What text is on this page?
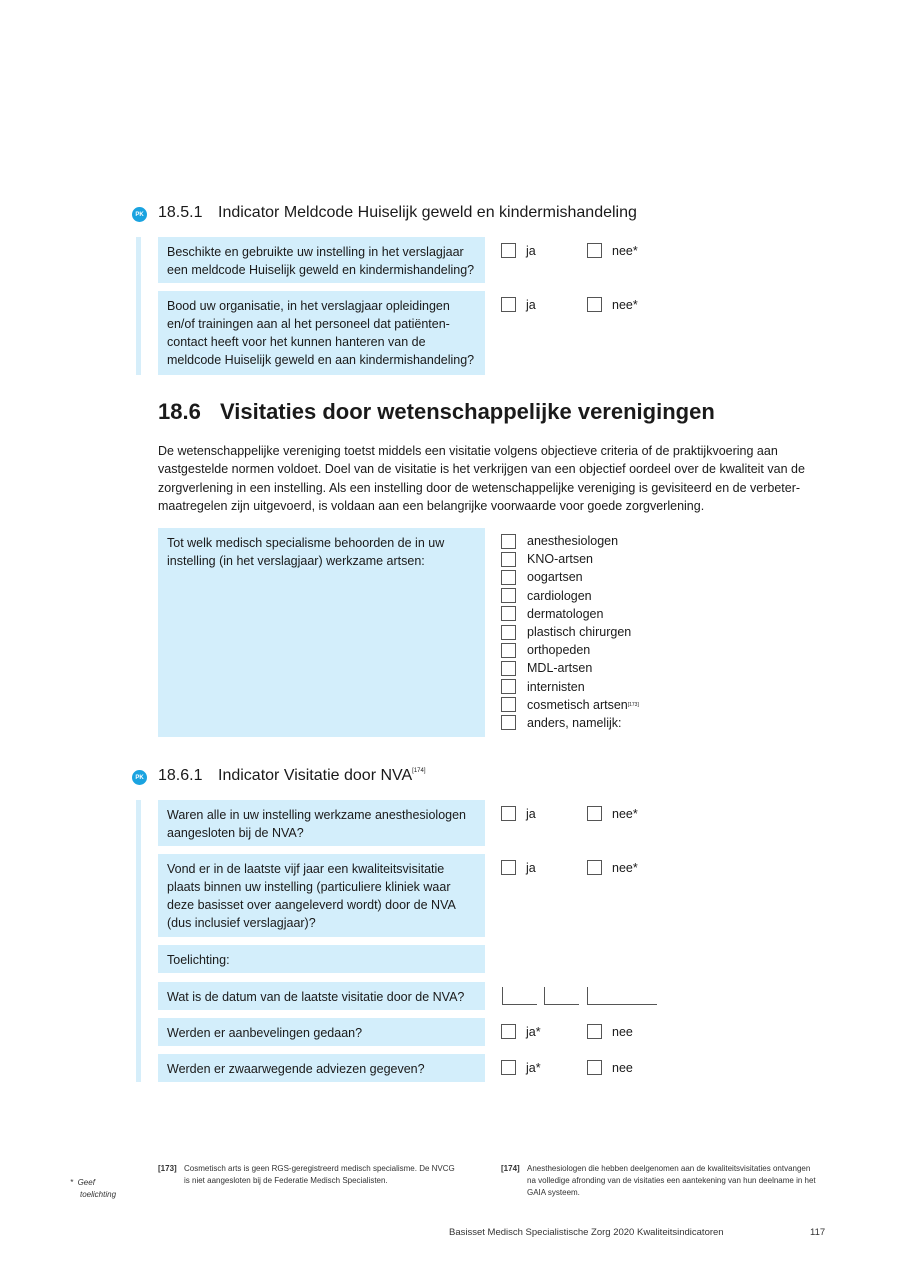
PK 18.5.1 Indicator Meldcode Huiselijk geweld en kindermishandeling
Beschikte en gebruikte uw instelling in het verslagjaar een meldcode Huiselijk geweld en kindermishandeling?
ja	nee*
Bood uw organisatie, in het verslagjaar opleidingen en/of trainingen aan al het personeel dat patiënten-contact heeft voor het kunnen hanteren van de meldcode Huiselijk geweld en aan kindermishandeling?
ja	nee*
18.6 Visitaties door wetenschappelijke verenigingen
De wetenschappelijke vereniging toetst middels een visitatie volgens objectieve criteria of de praktijkvoering aan vastgestelde normen voldoet. Doel van de visitatie is het verkrijgen van een objectief oordeel over de kwaliteit van de zorgverlening in een instelling. Als een instelling door de wetenschappelijke vereniging is gevisiteerd en de verbeter-maatregelen zijn uitgevoerd, is voldaan aan een belangrijke voorwaarde voor goede zorgverlening.
Tot welk medisch specialisme behoorden de in uw instelling (in het verslagjaar) werkzame artsen:
anesthesiologen
KNO-artsen
oogartsen
cardiologen
dermatologen
plastisch chirurgen
orthopeden
MDL-artsen
internisten
cosmetisch artsen [173]
anders, namelijk:
PK 18.6.1 Indicator Visitatie door NVA[174]
Waren alle in uw instelling werkzame anesthesiologen aangesloten bij de NVA?
ja	nee*
Vond er in de laatste vijf jaar een kwaliteitsvisitatie plaats binnen uw instelling (particuliere kliniek waar deze basisset over aangeleverd wordt) door de NVA (dus inclusief verslagjaar)?
ja	nee*
Toelichting:
Wat is de datum van de laatste visitatie door de NVA?
Werden er aanbevelingen gedaan?	ja*	nee
Werden er zwaarwegende adviezen gegeven?	ja*	nee
* Geef
toelichting
[173] Cosmetisch arts is geen RGS-geregistreerd medisch specialisme. De NVCG is niet aangesloten bij de Federatie Medisch Specialisten.
[174] Anesthesiologen die hebben deelgenomen aan de kwaliteitsvisitaties ontvangen na volledige afronding van de visitaties een aantekening van hun deelname in het GAIA systeem.
Basisset Medisch Specialistische Zorg 2020 Kwaliteitsindicatoren	117
